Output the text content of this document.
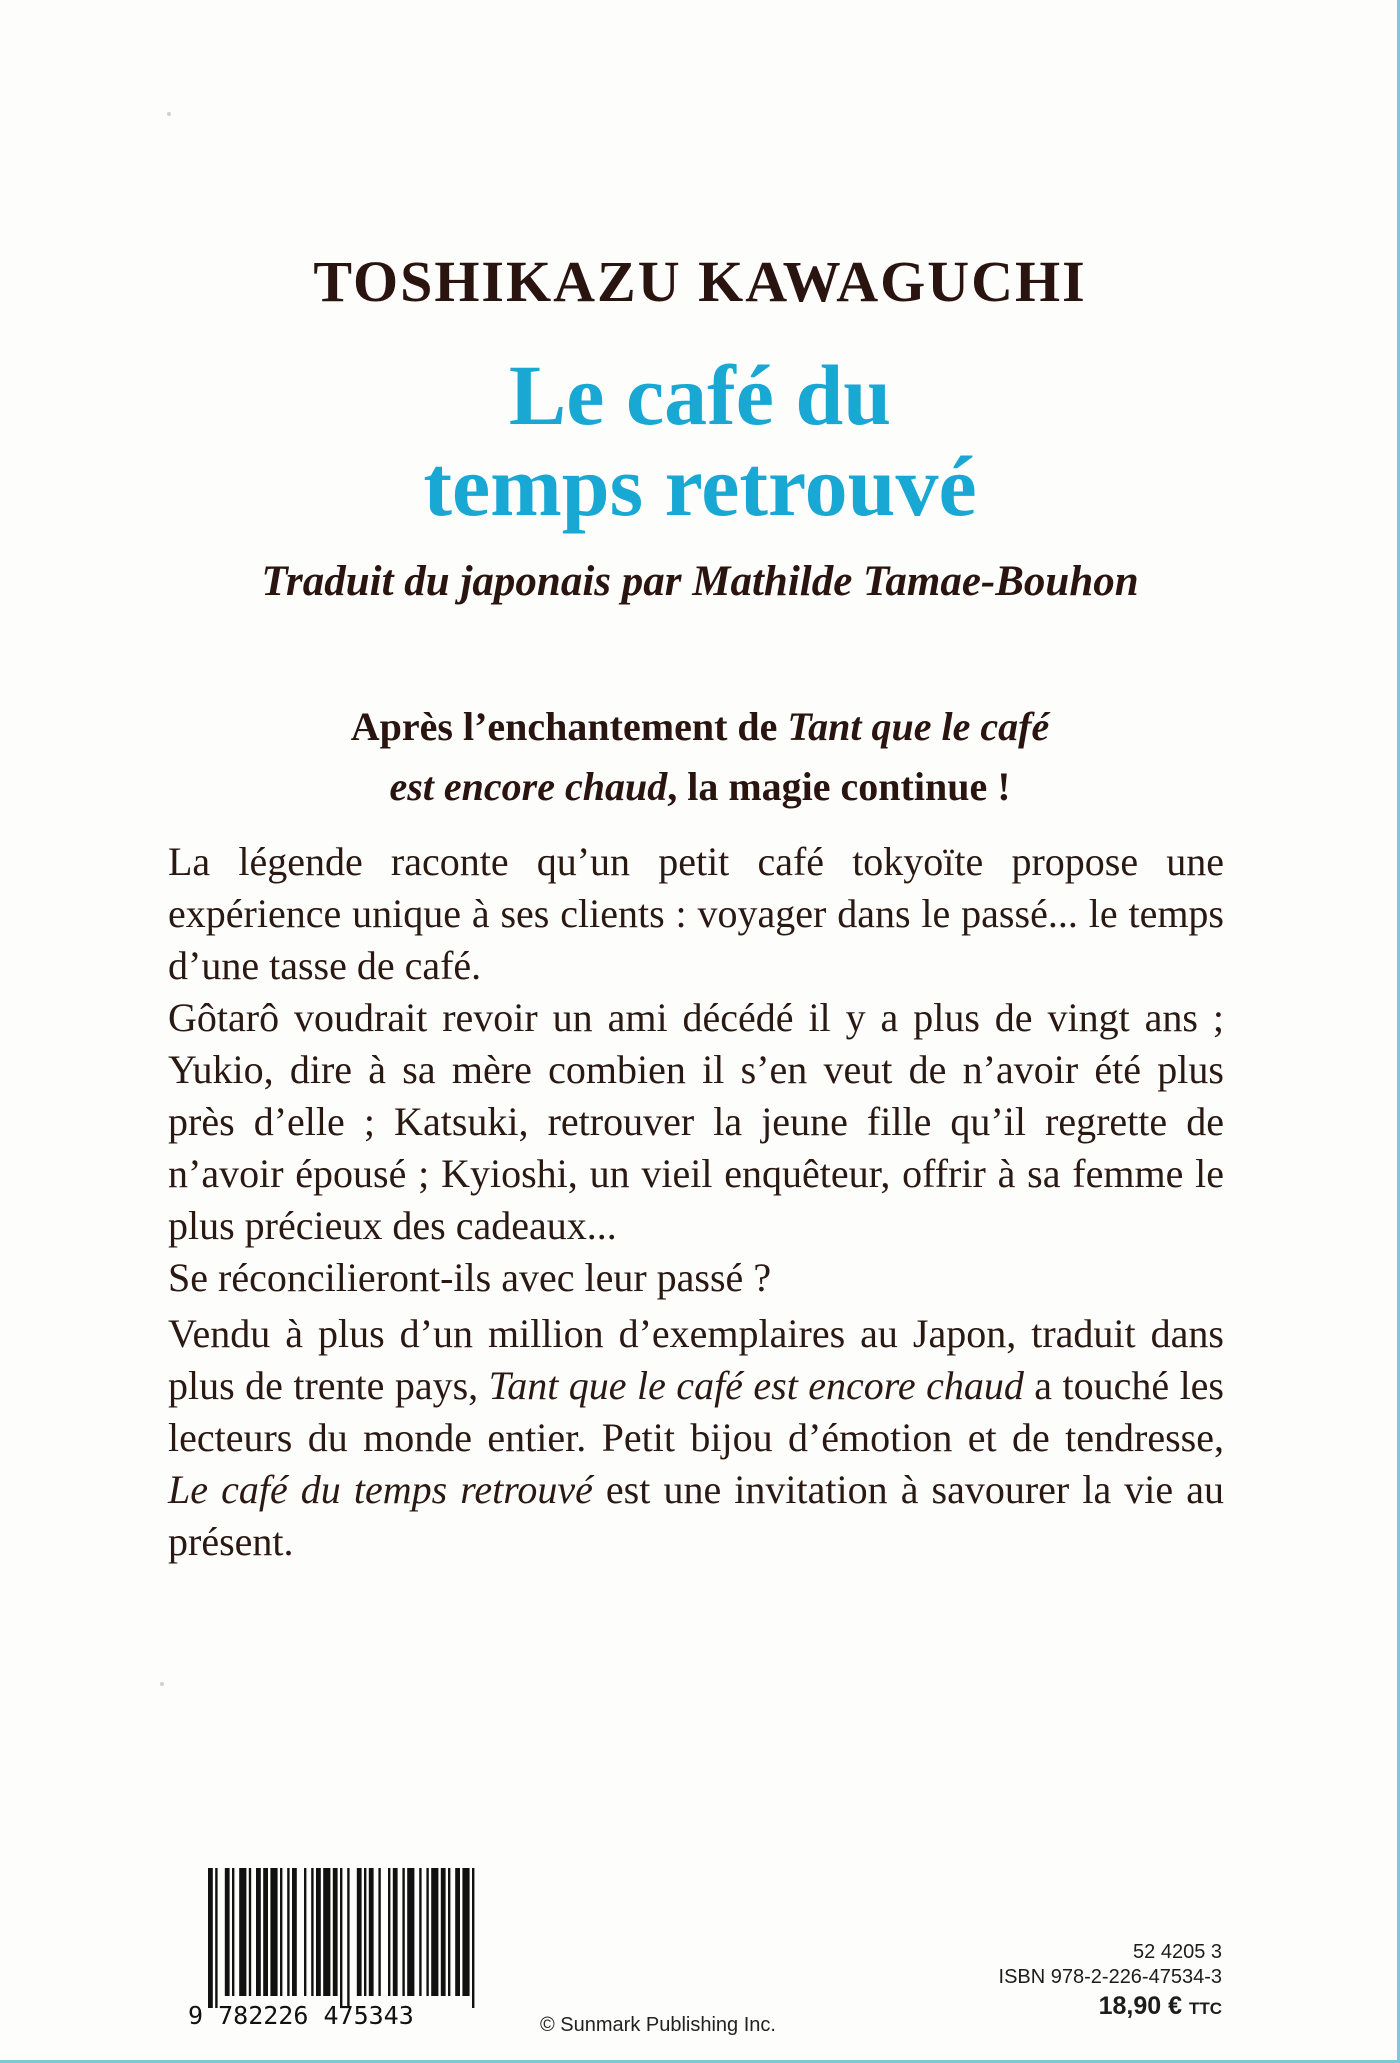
TOSHIKAZU KAWAGUCHI
Le café du
temps retrouvé
Traduit du japonais par Mathilde Tamae-Bouhon
Après l’enchantement de Tant que le café
est encore chaud, la magie continue !

La légende raconte qu’un petit café tokyoïte propose une expérience unique à ses clients : voyager dans le passé... le temps d’une tasse de café.

Gôtarô voudrait revoir un ami décédé il y a plus de vingt ans ; Yukio, dire à sa mère combien il s’en veut de n’avoir été plus près d’elle ; Katsuki, retrouver la jeune fille qu’il regrette de n’avoir épousé ; Kyioshi, un vieil enquêteur, offrir à sa femme le plus précieux des cadeaux...

Se réconcilieront-ils avec leur passé ?

Vendu à plus d’un million d’exemplaires au Japon, traduit dans plus de trente pays, Tant que le café est encore chaud a touché les lecteurs du monde entier. Petit bijou d’émotion et de tendresse, Le café du temps retrouvé est une invitation à savourer la vie au présent.

9 782226 475343	© Sunmark Publishing Inc.
52 4205 3
ISBN 978-2-226-47534-3
18,90 € TTC
